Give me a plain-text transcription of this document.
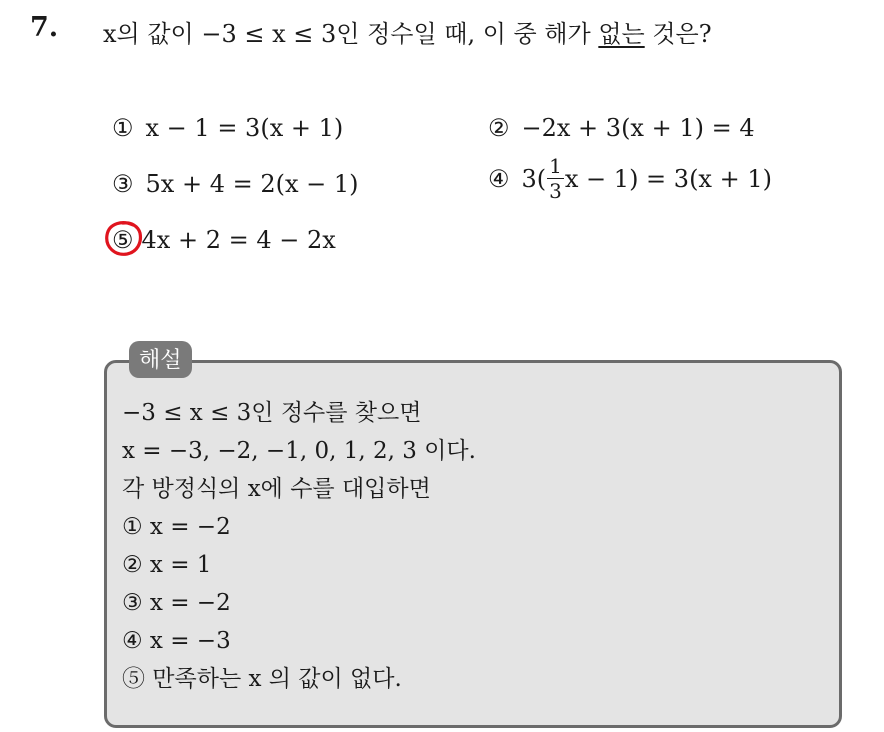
7. x의 값이 −3 ≤ x ≤ 3인 정수일 때, 이 중 해가 없는 것은?
① x − 1 = 3(x + 1)	② −2x + 3(x + 1) = 4
③ 5x + 4 = 2(x − 1)	④ $3( \frac{1}{3}$ x − 1) = 3(x + 1)
⑤ 4x + 2 = 4 − 2x
해설
−3 ≤ x ≤ 3인 정수를 찾으면
x = −3, −2, −1, 0, 1, 2, 3 이다.
각 방정식의 x에 수를 대입하면
① x = −2
② x = 1
③ x = −2
④ x = −3
⑤ 만족하는 x 의 값이 없다.
